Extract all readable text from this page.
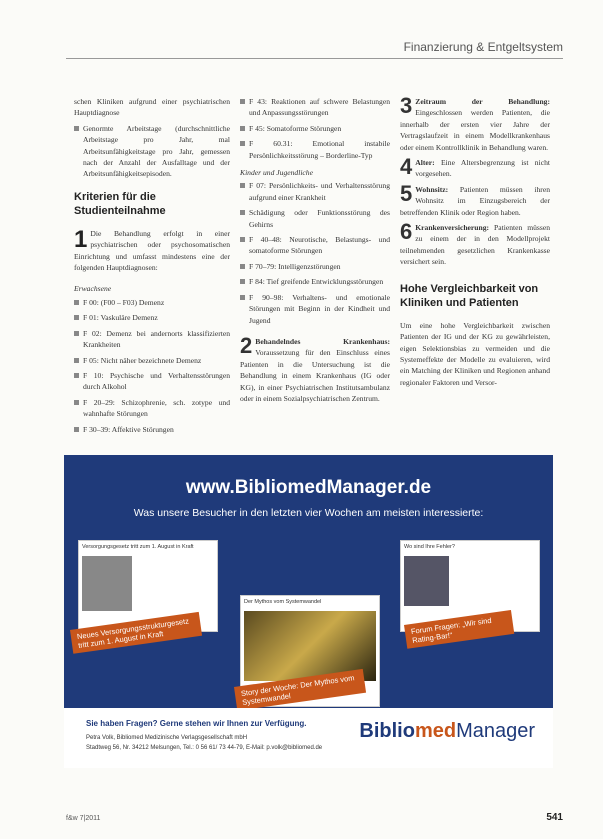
Finanzierung & Entgeltsystem

schen Kliniken aufgrund einer psychiatrischen Hauptdiagnose

Genormte Arbeitstage (durchschnittliche Arbeitstage pro Jahr, mal Arbeitsunfähigkeitstage pro Jahr, gemessen nach der Anzahl der Ausfalltage und der Arbeitsunfähigkeitsepisoden.

Kriterien für die Studienteilnahme

1 Die Behandlung erfolgt in einer psychiatrischen oder psychosomatischen Einrichtung und umfasst mindestens eine der folgenden Hauptdiagnosen:

Erwachsene

F 00: (F00 – F03) Demenz

F 01: Vaskuläre Demenz

F 02: Demenz bei andernorts klassifizierten Krankheiten

F 05: Nicht näher bezeichnete Demenz

F 10: Psychische und Verhaltensstörungen durch Alkohol

F 20–29: Schizophrenie, sch. zotype und wahnhafte Störungen

F 30–39: Affektive Störungen

F 43: Reaktionen auf schwere Belastungen und Anpassungsstörungen

F 45: Somatoforme Störungen

F 60.31: Emotional instabile Persönlichkeitsstörung – Borderline-Typ

Kinder und Jugendliche

F 07: Persönlichkeits- und Verhaltensstörung aufgrund einer Krankheit

Schädigung oder Funktionsstörung des Gehirns

F 40–48: Neurotische, Belastungs- und somatoforme Störungen

F 70–79: Intelligenzstörungen

F 84: Tief greifende Entwicklungsstörungen

F 90–98: Verhaltens- und emotionale Störungen mit Beginn in der Kindheit und Jugend

2 Behandelndes Krankenhaus: Voraussetzung für den Einschluss eines Patienten in die Untersuchung ist die Behandlung in einem Krankenhaus (IG oder KG), in einer Psychiatrischen Institutsambulanz oder in einem Sozialpsychiatrischen Zentrum.

3 Zeitraum der Behandlung: Eingeschlossen werden Patienten, die innerhalb der ersten vier Jahre der Vertragslaufzeit in einem Modellkrankenhaus oder einem Kontrollklinik in Behandlung waren.

4 Alter: Eine Altersbegrenzung ist nicht vorgesehen.

5 Wohnsitz: Patienten müssen ihren Wohnsitz im Einzugsbereich der betreffenden Klinik oder Region haben.

6 Krankenversicherung: Patienten müssen zu einem der in den Modellprojekt teilnehmenden gesetzlichen Krankenkasse versichert sein.

Hohe Vergleichbarkeit von Kliniken und Patienten

Um eine hohe Vergleichbarkeit zwischen Patienten der IG und der KG zu gewährleisten, eigen Selektionsbias zu vermeiden und die Systemeffekte der Modelle zu evaluieren, wird ein Matching der Kliniken und Regionen anhand regionaler Faktoren und Versor-

www.BibliomedManager.de
Was unsere Besucher in den letzten vier Wochen am meisten interessierte:
Versorgungsgesetz tritt zum 1. August in Kraft
Der Mythos vom Systemwandel
Wo sind Ihre Fehler?
Neues Versorgungsstrukturgesetz tritt zum 1. August in Kraft
Story der Woche: Der Mythos vom Systemwandel
Forum Fragen: „Wir sind Rating-Bar!“
Sie haben Fragen? Gerne stehen wir Ihnen zur Verfügung.
Petra Volk, Bibliomed Medizinische Verlagsgesellschaft mbH
Stadtweg 56, Nr. 34212 Melsungen, Tel.: 0 56 61/ 73 44-79, E-Mail: p.volk@bibliomed.de
BibliomedManager
f&w 7|2011	541
